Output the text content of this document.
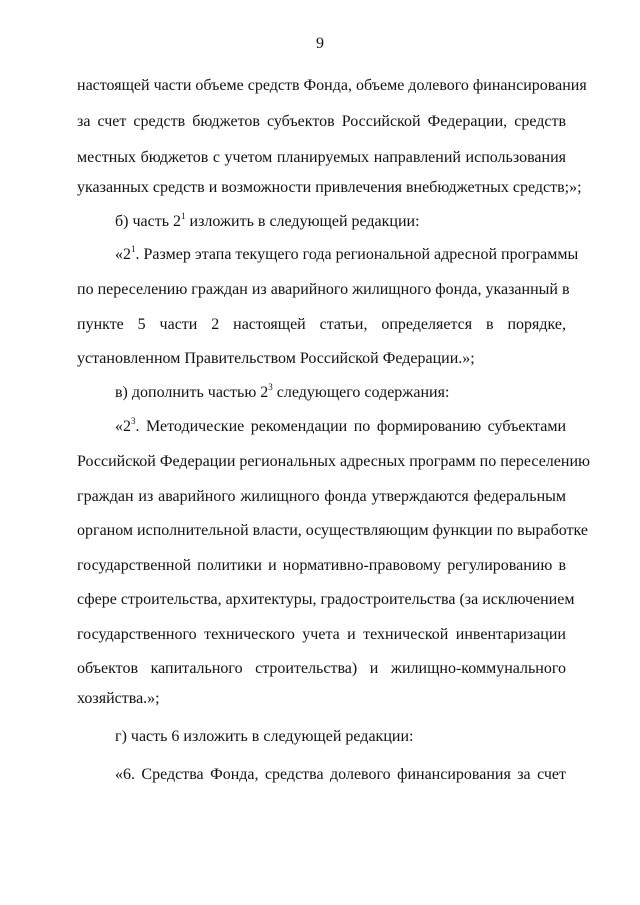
9
настоящей части объеме средств Фонда, объеме долевого финансирования
за счет средств бюджетов субъектов Российской Федерации, средств
местных бюджетов с учетом планируемых направлений использования
указанных средств и возможности привлечения внебюджетных средств;»;
б) часть $2^1$ изложить в следующей редакции:
«$2^1$. Размер этапа текущего года региональной адресной программы
по переселению граждан из аварийного жилищного фонда, указанный в
пункте 5 части 2 настоящей статьи, определяется в порядке,
установленном Правительством Российской Федерации.»;
в) дополнить частью $2^3$ следующего содержания:
«$2^3$. Методические рекомендации по формированию субъектами
Российской Федерации региональных адресных программ по переселению
граждан из аварийного жилищного фонда утверждаются федеральным
органом исполнительной власти, осуществляющим функции по выработке
государственной политики и нормативно-правовому регулированию в
сфере строительства, архитектуры, градостроительства (за исключением
государственного технического учета и технической инвентаризации
объектов капитального строительства) и жилищно-коммунального
хозяйства.»;
г) часть 6 изложить в следующей редакции:
«6. Средства Фонда, средства долевого финансирования за счет
